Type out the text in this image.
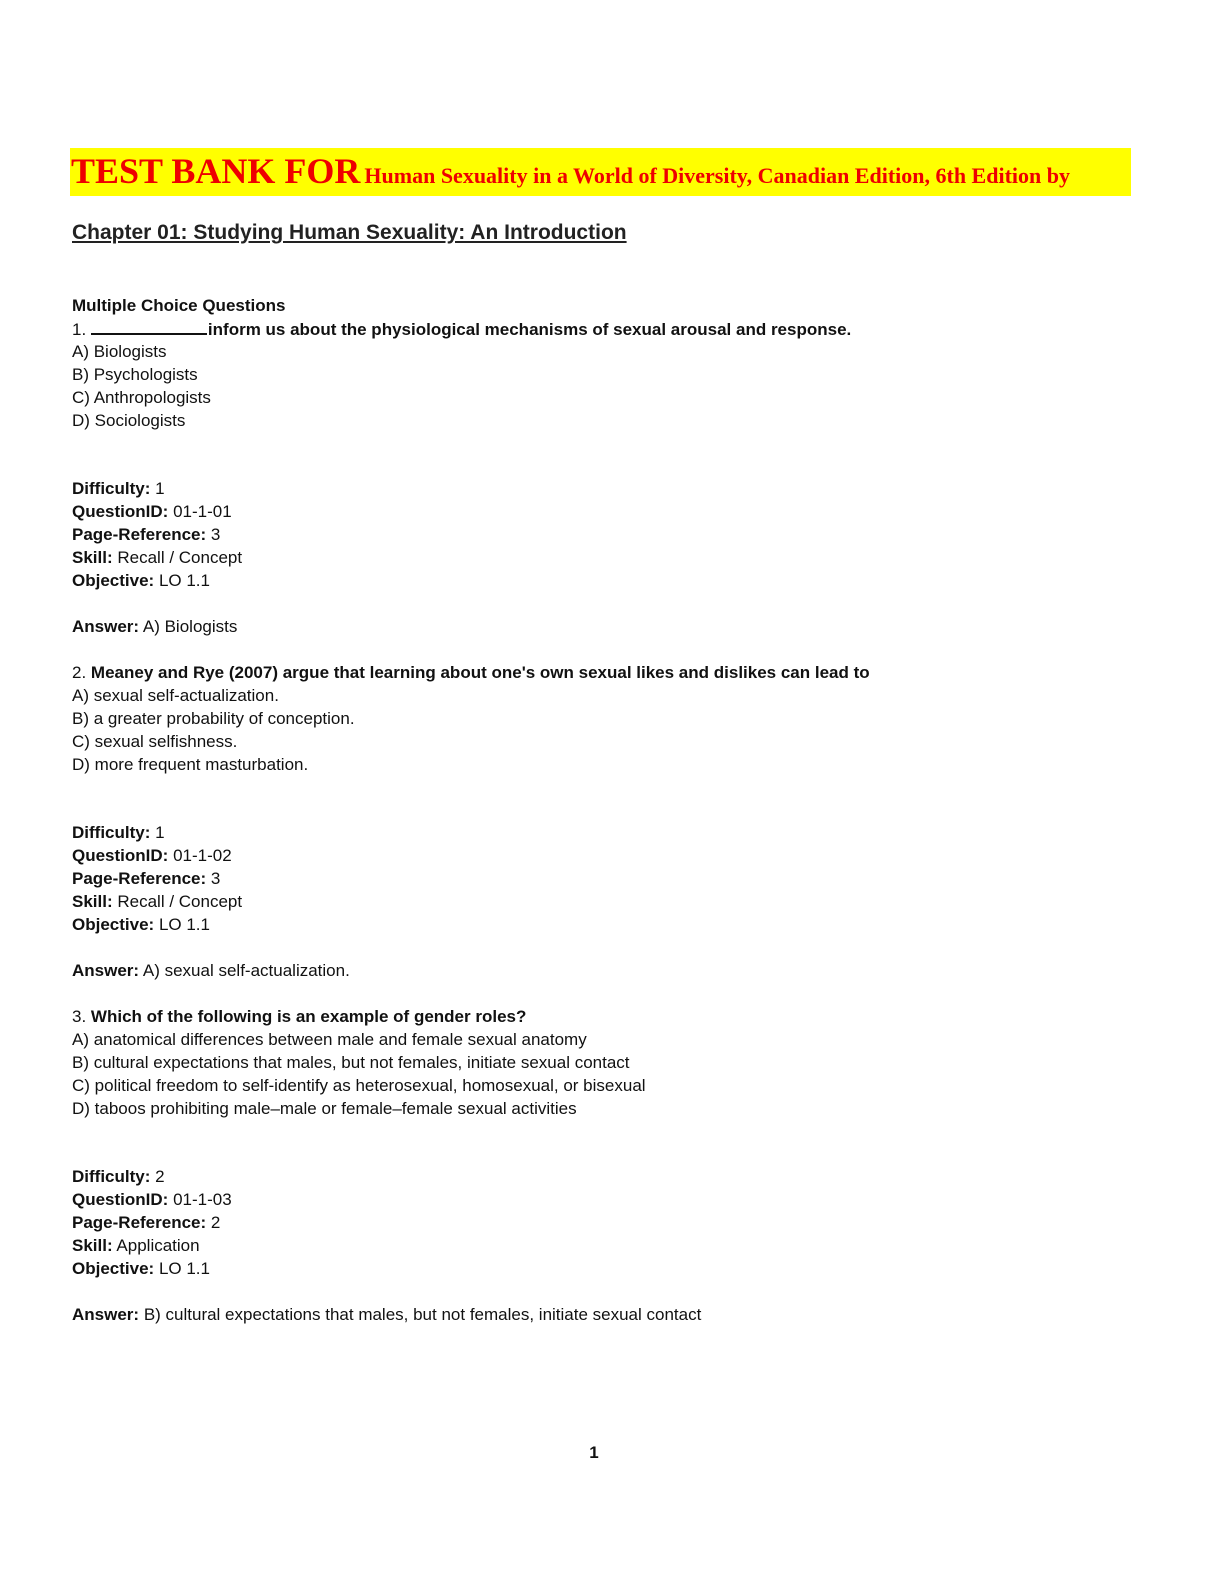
TEST BANK FOR Human Sexuality in a World of Diversity, Canadian Edition, 6th Edition by
Chapter 01: Studying Human Sexuality: An Introduction
Multiple Choice Questions
1.	inform us about the physiological mechanisms of sexual arousal and response.
A) Biologists
B) Psychologists
C) Anthropologists
D) Sociologists
Difficulty: 1
QuestionID: 01-1-01
Page-Reference: 3
Skill: Recall / Concept
Objective: LO 1.1
Answer: A) Biologists
2. Meaney and Rye (2007) argue that learning about one's own sexual likes and dislikes can lead to
A) sexual self-actualization.
B) a greater probability of conception.
C) sexual selfishness.
D) more frequent masturbation.
Difficulty: 1
QuestionID: 01-1-02
Page-Reference: 3
Skill: Recall / Concept
Objective: LO 1.1
Answer: A) sexual self-actualization.
3. Which of the following is an example of gender roles?
A) anatomical differences between male and female sexual anatomy
B) cultural expectations that males, but not females, initiate sexual contact
C) political freedom to self-identify as heterosexual, homosexual, or bisexual
D) taboos prohibiting male–male or female–female sexual activities
Difficulty: 2
QuestionID: 01-1-03
Page-Reference: 2
Skill: Application
Objective: LO 1.1
Answer: B) cultural expectations that males, but not females, initiate sexual contact
1
